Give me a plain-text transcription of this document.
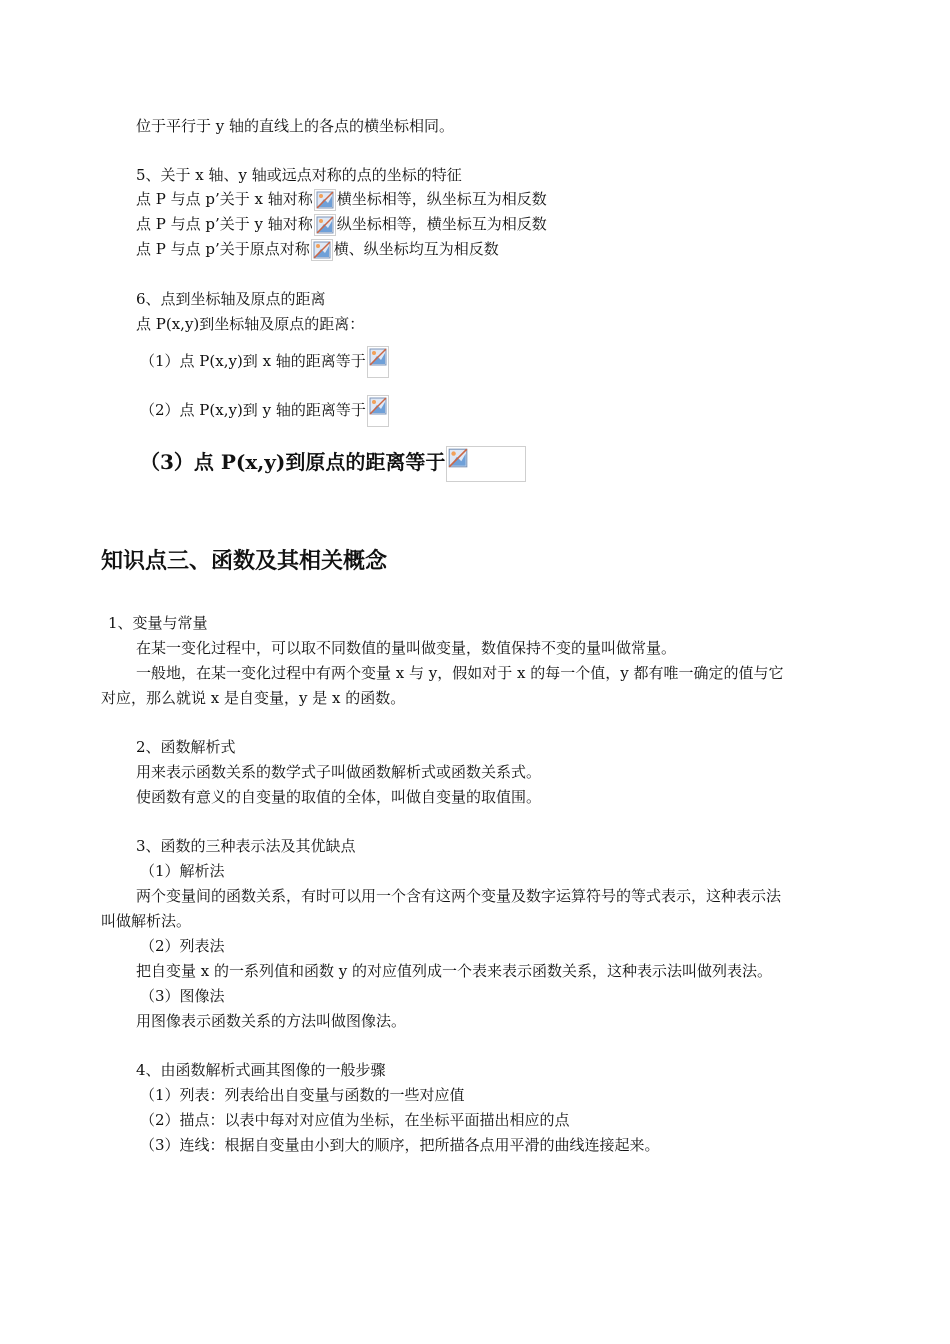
位于平行于 y 轴的直线上的各点的横坐标相同。
5、关于 x 轴、y 轴或远点对称的点的坐标的特征
点 P 与点 p’关于 x 轴对称 横坐标相等，纵坐标互为相反数
点 P 与点 p’关于 y 轴对称 纵坐标相等，横坐标互为相反数
点 P 与点 p’关于原点对称 横、纵坐标均互为相反数
6、点到坐标轴及原点的距离
点 P(x,y)到坐标轴及原点的距离：
（1）点 P(x,y)到 x 轴的距离等于
（2）点 P(x,y)到 y 轴的距离等于
（3）点 P(x,y)到原点的距离等于
知识点三、函数及其相关概念
1、变量与常量
在某一变化过程中，可以取不同数值的量叫做变量，数值保持不变的量叫做常量。
一般地，在某一变化过程中有两个变量 x 与 y，假如对于 x 的每一个值，y 都有唯一确定的值与它
对应，那么就说 x 是自变量，y 是 x 的函数。
2、函数解析式
用来表示函数关系的数学式子叫做函数解析式或函数关系式。
使函数有意义的自变量的取值的全体，叫做自变量的取值围。
3、函数的三种表示法及其优缺点
（1）解析法
两个变量间的函数关系，有时可以用一个含有这两个变量及数字运算符号的等式表示，这种表示法
叫做解析法。
（2）列表法
把自变量 x 的一系列值和函数 y 的对应值列成一个表来表示函数关系，这种表示法叫做列表法。
（3）图像法
用图像表示函数关系的方法叫做图像法。
4、由函数解析式画其图像的一般步骤
（1）列表：列表给出自变量与函数的一些对应值
（2）描点：以表中每对对应值为坐标，在坐标平面描出相应的点
（3）连线：根据自变量由小到大的顺序，把所描各点用平滑的曲线连接起来。
